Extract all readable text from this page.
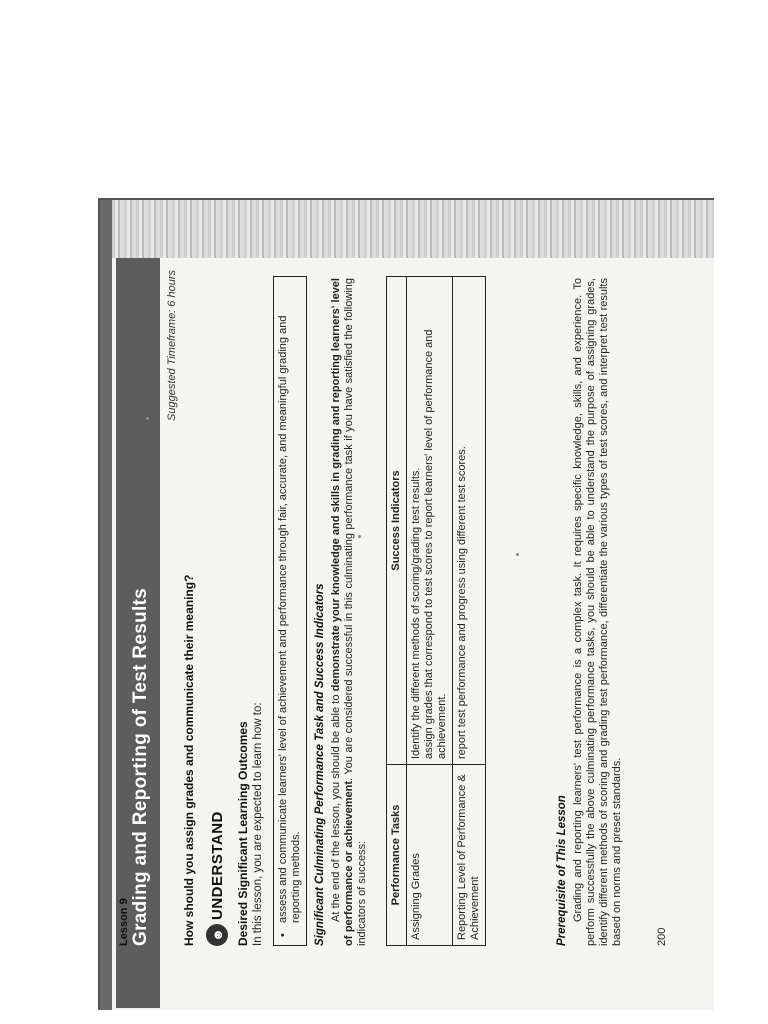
Lesson 9 Grading and Reporting of Test Results
Suggested Timeframe: 6 hours
How should you assign grades and communicate their meaning? ☻
UNDERSTAND Desired Significant Learning Outcomes In this lesson, you are expected to learn how to: •
assess and communicate learners' level of achievement and performance through fair, accurate, and meaningful grading and reporting methods.	Significant Culminating Performance Task and Success Indicators At the end of the lesson, you should be able to demonstrate your knowledge and skills in grading and reporting learners' level of performance or achievement. You are considered successful in this culminating performance task if you have satisfied the following indicators of success: Performance Tasks	Success Indicators
Assigning Grades	Identify the different methods of scoring/grading test results. assign grades that correspond to test scores to report learners' level of performance and achievement.

Reporting Level of Performance & Achievement	report test performance and progress using different test scores.
Prerequisite of This Lesson Grading and reporting learners' test performance is a complex task. It requires specific knowledge, skills, and experience. To perform successfully the above culminating performance tasks, you should be able to understand the purpose of assigning grades, identify different methods of scoring and grading test performance, differentiate the various types of test scores, and interpret test results based on norms and preset standards.	200
